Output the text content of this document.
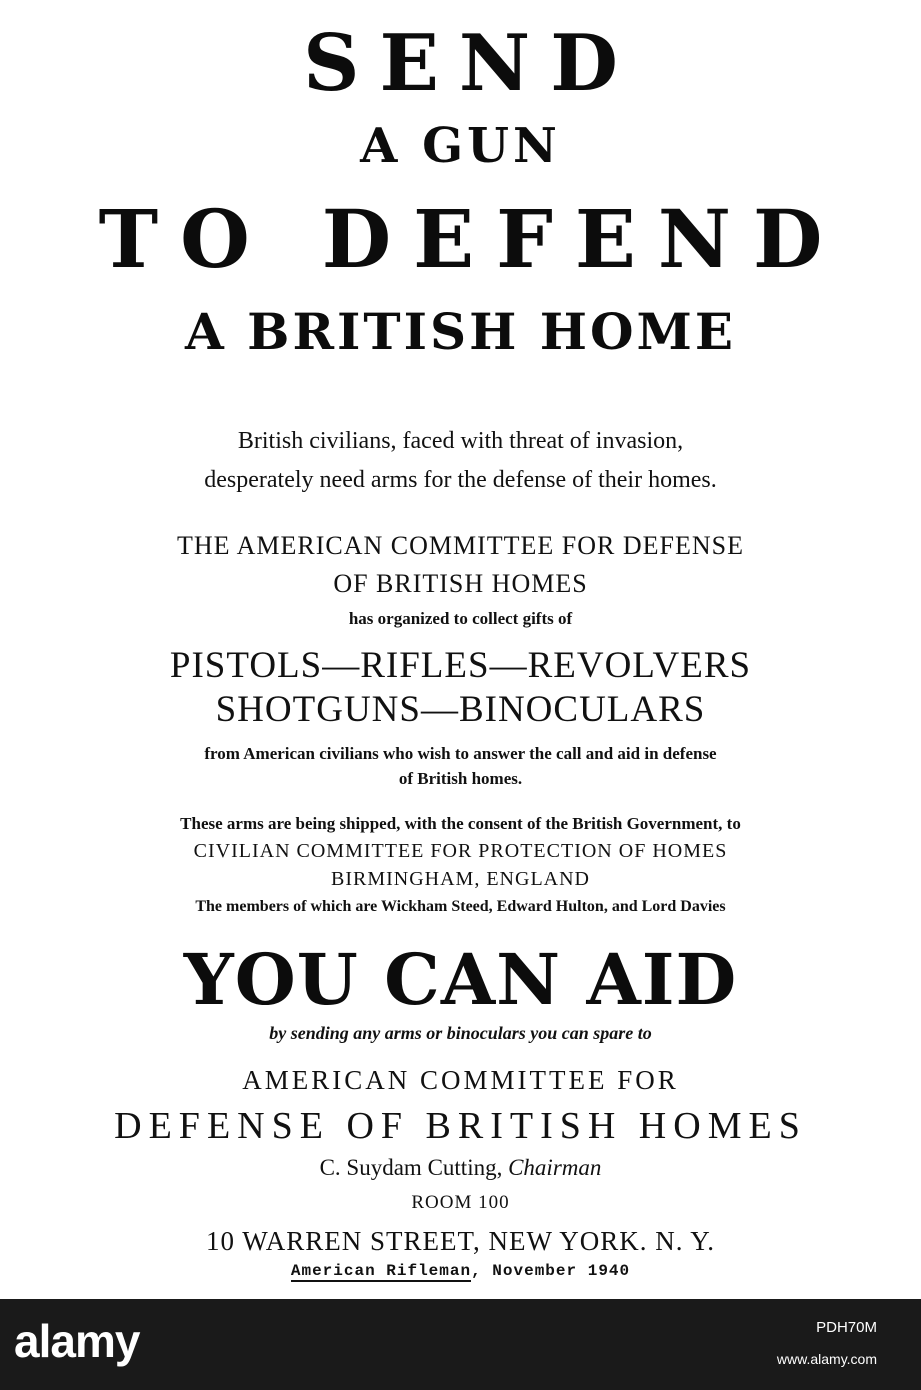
SEND
A GUN
TO DEFEND
A BRITISH HOME
British civilians, faced with threat of invasion,
desperately need arms for the defense of their homes.
THE AMERICAN COMMITTEE FOR DEFENSE
OF BRITISH HOMES
has organized to collect gifts of
PISTOLS—RIFLES—REVOLVERS
SHOTGUNS—BINOCULARS
from American civilians who wish to answer the call and aid in defense
of British homes.
These arms are being shipped, with the consent of the British Government, to
CIVILIAN COMMITTEE FOR PROTECTION OF HOMES
BIRMINGHAM, ENGLAND
The members of which are Wickham Steed, Edward Hulton, and Lord Davies
YOU CAN AID
by sending any arms or binoculars you can spare to
AMERICAN COMMITTEE FOR
DEFENSE OF BRITISH HOMES
C. Suydam Cutting, Chairman
ROOM 100
10 WARREN STREET, NEW YORK. N. Y.
American Rifleman, November 1940
alamy	PDH70M
www.alamy.com
